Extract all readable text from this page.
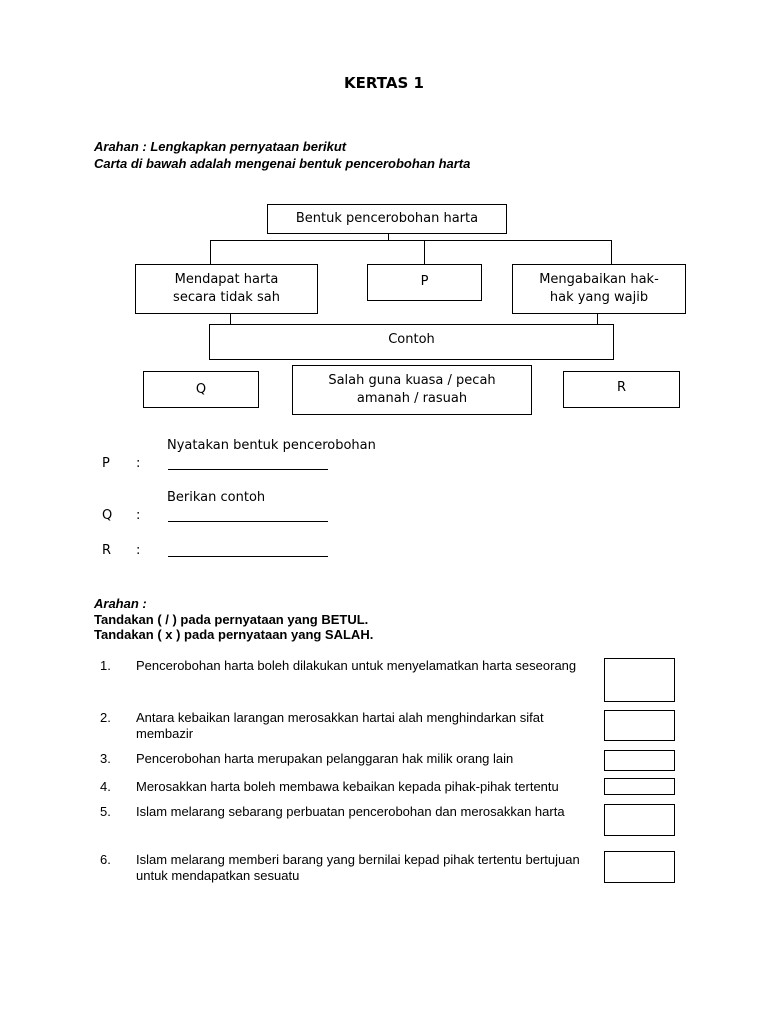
KERTAS 1
Arahan : Lengkapkan pernyataan berikut
Carta di bawah adalah mengenai bentuk pencerobohan harta
Bentuk pencerobohan harta
Mendapat harta
secara tidak sah
P	Mengabaikan hak-
hak yang wajib
Contoh
Q
Salah guna kuasa / pecah
amanah / rasuah
R
Nyatakan bentuk pencerobohan
P :
Berikan contoh
Q :
R :
Arahan :
Tandakan ( / ) pada pernyataan yang BETUL.
Tandakan ( x ) pada pernyataan yang SALAH.
1. Pencerobohan harta boleh dilakukan untuk menyelamatkan harta seseorang
2. Antara kebaikan larangan merosakkan hartai alah menghindarkan sifat membazir
3. Pencerobohan harta merupakan pelanggaran hak milik orang lain
4. Merosakkan harta boleh membawa kebaikan kepada pihak-pihak tertentu
5. Islam melarang sebarang perbuatan pencerobohan dan merosakkan harta
6. Islam melarang memberi barang yang bernilai kepad pihak tertentu bertujuan untuk mendapatkan sesuatu
